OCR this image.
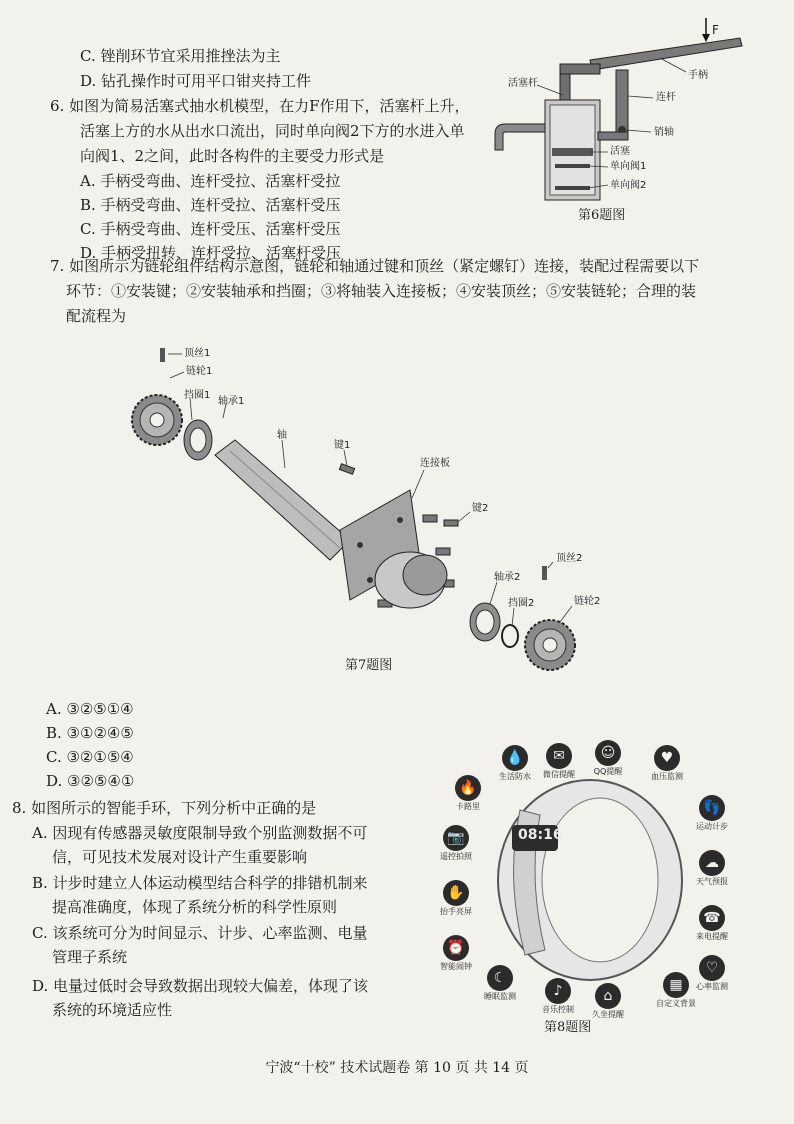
C. 锉削环节宜采用推挫法为主
D. 钻孔操作时可用平口钳夹持工件
6. 如图为简易活塞式抽水机模型，在力F作用下，活塞杆上升，
活塞上方的水从出水口流出，同时单向阀2下方的水进入单
向阀1、2之间，此时各构件的主要受力形式是
A. 手柄受弯曲、连杆受拉、活塞杆受拉
B. 手柄受弯曲、连杆受拉、活塞杆受压
C. 手柄受弯曲、连杆受压、活塞杆受压
D. 手柄受扭转、连杆受拉、活塞杆受压
F
活塞杆
手柄
连杆
销轴
活塞
单向阀1
单向阀2
第6题图
7. 如图所示为链轮组件结构示意图，链轮和轴通过键和顶丝（紧定螺钉）连接，装配过程需要以下
环节：①安装键；②安装轴承和挡圈；③将轴装入连接板；④安装顶丝；⑤安装链轮；合理的装
配流程为
顶丝1
链轮1
挡圈1
轴承1
轴
键1
连接板
键2
顶丝2
轴承2
挡圈2	链轮2
第7题图
A. ③②⑤①④
B. ③①②④⑤
C. ③②①⑤④
D. ③②⑤④①
8. 如图所示的智能手环，下列分析中正确的是
A. 因现有传感器灵敏度限制导致个别监测数据不可
信，可见技术发展对设计产生重要影响
B. 计步时建立人体运动模型结合科学的排错机制来
提高准确度，体现了系统分析的科学性原则
C. 该系统可分为时间显示、计步、心率监测、电量
管理子系统
D. 电量过低时会导致数据出现较大偏差，体现了该
系统的环境适应性
08:16
💧
生活防水
✉
微信提醒
☺
QQ提醒
♥
血压监测
🔥
卡路里	👣
运动计步
📷
遥控拍照	☁
天气预报
✋
抬手亮屏	☎
来电提醒
⏰
智能闹钟	♡
心率监测
☾
睡眠监测	♪
音乐控制
⌂
久坐提醒
▦
自定义背景
第8题图
宁波“十校” 技术试题卷 第 10 页 共 14 页
